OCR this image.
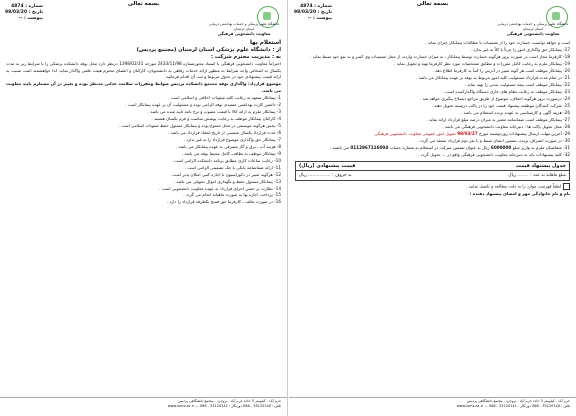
بسمه تعالی
شماره : 4874
تاریخ : 98/03/20
پیوست : --
دانشگاه علوم پزشکی و خدمات بهداشتی درمانی استان لرستان
معاونت دانشجویی فرهنگی

استعلام بها

از : دانشگاه علوم پزشکی استان لرستان (مجتمع پردیس)

به : مدیریت محترم شرکت :

احتراماً معاونت دانشجویی فرهنگی با استناد مجوزشماره 2433/11/98 مورخه 1398/02/31 درنظر دارد محل بوفه دانشکده پزشکی را با شرایط زیر به مدت یکسال به اشخاص واجد شرایط به منظور ارائه خدمات رفاهی به دانشجویان، کارکنان و اعضای محترم هیئت علمی واگذار نماید. لذا خواهشمند است نسبت به ارائه قیمت پیشنهادی خود در جدول مربوط و ثبت آن اقدام فرمائید.

موضوع قرارداد: واگذاری بوفه مجتمع دانشکده پردیس ضوابط ومقررات سلامت غذایی مدنظر بوده و تغییر در آن مستلزم تایید معاونت می باشد.

1- پیمانکار متعهد به رعایت کلیه شئونات اخلاقی و اسلامی است .

2- داشتن کارت بهداشتی متصدی بوفه الزامی بوده و مسئولیت آن بر عهده پیمانکار است .

3- پیمانکار ملزم به ارائه کالا با قیمت مصوب و نرخ نامه تایید شده می باشد .

4- کارکنان پیمانکار موظف به رعایت پوشش مناسب و فرم یکسان هستند .

5- پخش هرگونه موسیقی در محل ممنوع بوده و پیمانکار مسئول حفظ شئونات اسلامی است .

6- مدت قرارداد یکسال شمسی از تاریخ انعقاد قرارداد می باشد .

7- پیمانکار حق واگذاری موضوع قرارداد را به غیر ندارد .

8- هزینه آب ، برق و گاز مصرفی به عهده پیمانکار می باشد .

9- پیمانکار موظف به نظافت کامل محیط بوفه می باشد .

10- رعایت ساعات کاری مطابق برنامه دانشکده الزامی است .

11- ارائه ضمانتنامه بانکی یا چک تضمینی الزامی است .

12- هرگونه تغییر در دکوراسیون با اجازه کتبی امکان پذیر است .

13- پیمانکار مسئول حفظ و نگهداری اموال تحویلی می باشد .

14- نظارت بر حسن اجرای قرارداد به عهده معاونت دانشجویی است .

15- پرداخت اجاره بها به صورت ماهیانه انجام می گردد .

16- در صورت تخلف ، کارفرما حق فسخ یکطرفه قرارداد را دارد .

خرم آباد - کیلومتر 3 جاده خرم آباد - بروجرد - مجتمع دانشگاهی پردیس
تلفن : 33120140 - 066 دورنگار : 33120141 - 066 — www.lums.ac.ir
بسمه تعالی
شماره : 4874
تاریخ : 98/03/20
پیوست : --
دانشگاه علوم پزشکی و خدمات بهداشتی درمانی استان لرستان
معاونت دانشجویی فرهنگی

است و خواهد توانست خسارت خود را از تضمینات یا مطالبات پیمانکار جبران نماید .

17- پیمانکار حق واگذاری امور را جزئاً یا کلاً به غیر ندارد .

18- کارفرما مجاز است در صورت بروز هرگونه خسارت توسط پیمانکار ، به میزان خسارت وارده، از محل تضمینات وی کسر و به نفع خود ضبط نماید .

19- پیمانکار ملزم به رعایت کامل مقررات و مطابق مشخصات مورد نظر کارفرما تهیه و تحویل نماید .

20- پیمانکار موظف است هر گونه تغییر در آدرس را کتباً به کارفرما اطلاع دهد .

21- در تمام مدت قرارداد مسئولیت کلیه امور مربوط به بوفه بر عهده پیمانکار می باشد .

22- پیمانکار موظف است بیمه مسئولیت مدنی را تهیه نماید .

23- پیمانکار موظف به رعایت نظام های جاری دستگاه واگذارکننده است .

24- درصورت بروز هرگونه اختلاف، موضوع از طریق مراجع ذیصلاح پیگیری خواهد شد .

25- شرکت کنندگان موظفند پیشنهاد قیمت خود را در پاکت دربسته تحویل دهند .

26- هزینه آگهی و کارشناسی به عهده برنده استعلام می باشد .

27- پیمانکار موظف است ضمانتنامه معتبر به میزان درصد مبلغ قرارداد ارائه نماید .

28- محل تحویل پاکت ها : دبیرخانه معاونت دانشجویی فرهنگی می باشد .

29- آخرین مهلت ارسال پیشنهادات روزدوشنبه مورخ 98/03/27 تحویل امور عمومی معاونت دانشجویی فرهنگی

30- در صورت انصراف برنده، تضمین ایشان ضبط و با نفر دوم قرارداد منعقد می گردد .

31- متقاضیان ملزم به واریز مبلغ 6000000 ریال به عنوان تضمین شرکت در استعلام به شماره حساب 0112967116004 می باشند .

32- کلیه پیشنهادات باید به دبیرخانه معاونت دانشجویی فرهنگی واقع در ... تحویل گردد .

جدول پیشنهاد قیمت
قیمت پیشنهادی (ریال)
مبلغ ماهانه به عدد : ........ ریال
به حروف : ................ ریال

لطفاً فهرست موارد را به دقت مطالعه و تکمیل نمایید .

نام و نام خانوادگی مهر و امضای پیشنهاد دهنده :

خرم آباد - کیلومتر 3 جاده خرم آباد - بروجرد - مجتمع دانشگاهی پردیس
تلفن : 33120140 - 066 دورنگار : 33120141 - 066 — www.lums.ac.ir
